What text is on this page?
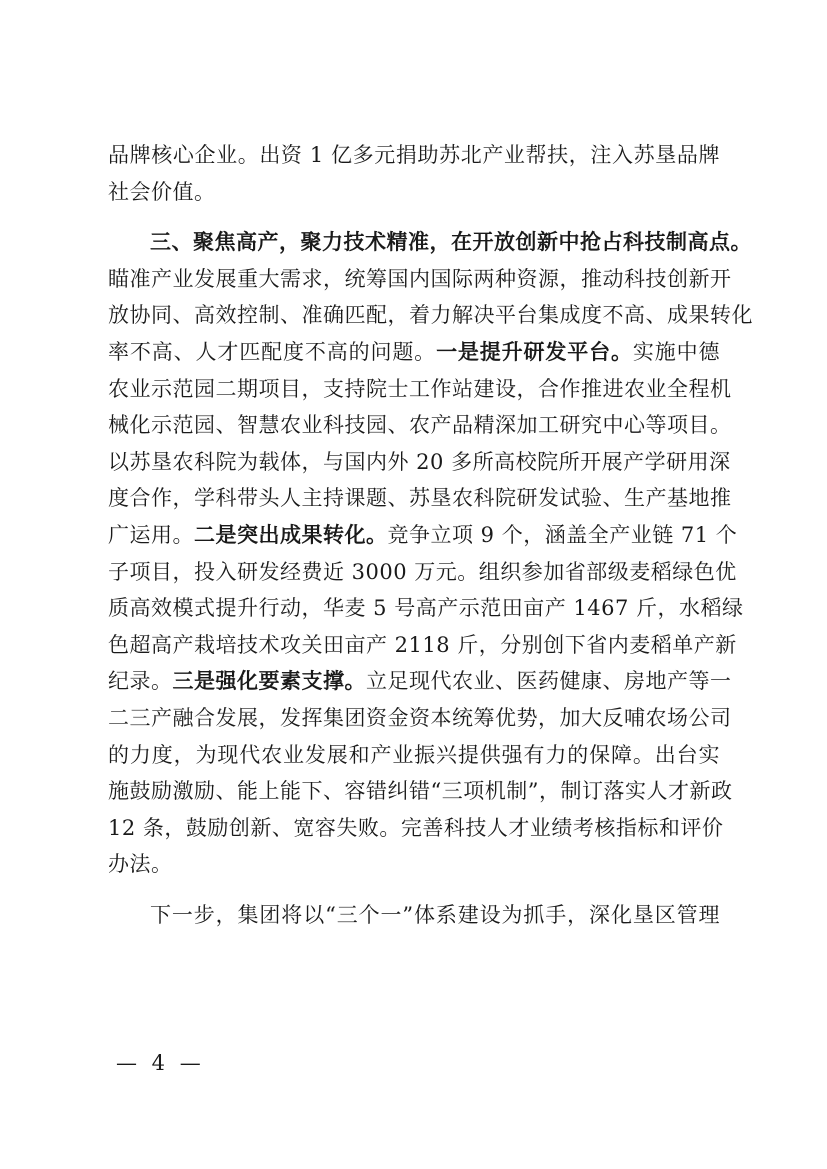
品牌核心企业。出资 1 亿多元捐助苏北产业帮扶，注入苏垦品牌
社会价值。
三、聚焦高产，聚力技术精准，在开放创新中抢占科技制高点。
瞄准产业发展重大需求，统筹国内国际两种资源，推动科技创新开
放协同、高效控制、准确匹配，着力解决平台集成度不高、成果转化
率不高、人才匹配度不高的问题。一是提升研发平台。实施中德
农业示范园二期项目，支持院士工作站建设，合作推进农业全程机
械化示范园、智慧农业科技园、农产品精深加工研究中心等项目。
以苏垦农科院为载体，与国内外 20 多所高校院所开展产学研用深
度合作，学科带头人主持课题、苏垦农科院研发试验、生产基地推
广运用。二是突出成果转化。竞争立项 9 个，涵盖全产业链 71 个
子项目，投入研发经费近 3000 万元。组织参加省部级麦稻绿色优
质高效模式提升行动，华麦 5 号高产示范田亩产 1467 斤，水稻绿
色超高产栽培技术攻关田亩产 2118 斤，分别创下省内麦稻单产新
纪录。三是强化要素支撑。立足现代农业、医药健康、房地产等一
二三产融合发展，发挥集团资金资本统筹优势，加大反哺农场公司
的力度，为现代农业发展和产业振兴提供强有力的保障。出台实
施鼓励激励、能上能下、容错纠错“三项机制”，制订落实人才新政
12 条，鼓励创新、宽容失败。完善科技人才业绩考核指标和评价
办法。
下一步，集团将以“三个一”体系建设为抓手，深化垦区管理
— 4 —
